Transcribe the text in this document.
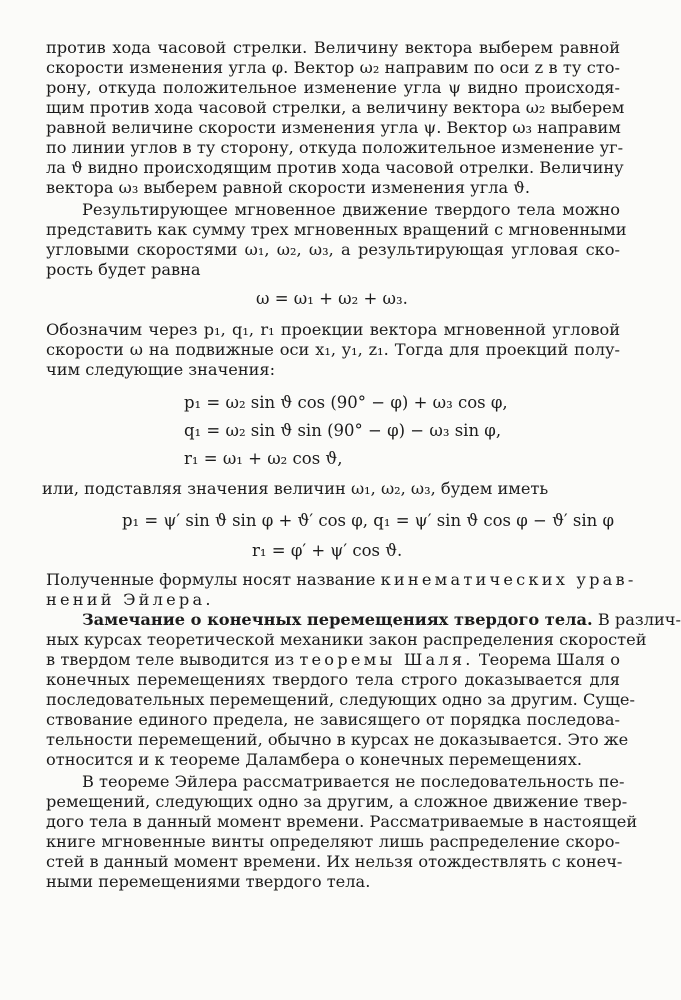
против хода часовой стрелки. Величину вектора выберем равной
скорости изменения угла φ. Вектор ω₂ направим по оси z в ту сто-
рону, откуда положительное изменение угла ψ видно происходя-
щим против хода часовой стрелки, а величину вектора ω₂ выберем
равной величине скорости изменения угла ψ. Вектор ω₃ направим
по линии углов в ту сторону, откуда положительное изменение уг-
ла ϑ видно происходящим против хода часовой отрелки. Величину
вектора ω₃ выберем равной скорости изменения угла ϑ.
Результирующее мгновенное движение твердого тела можно
представить как сумму трех мгновенных вращений с мгновенными
угловыми скоростями ω₁, ω₂, ω₃, а результирующая угловая ско-
рость будет равна
ω = ω₁ + ω₂ + ω₃.
Обозначим через p₁, q₁, r₁ проекции вектора мгновенной угловой
скорости ω на подвижные оси x₁, y₁, z₁. Тогда для проекций полу-
чим следующие значения:
p₁ = ω₂ sin ϑ cos (90° − φ) + ω₃ cos φ,
q₁ = ω₂ sin ϑ sin (90° − φ) − ω₃ sin φ,
r₁ = ω₁ + ω₂ cos ϑ,
или, подставляя значения величин ω₁, ω₂, ω₃, будем иметь
p₁ = ψ′ sin ϑ sin φ + ϑ′ cos φ, q₁ = ψ′ sin ϑ cos φ − ϑ′ sin φ
r₁ = φ′ + ψ′ cos ϑ.
Полученные формулы носят название кинематических урав-
нений Эйлера.
Замечание о конечных перемещениях твердого тела. В различ-
ных курсах теоретической механики закон распределения скоростей
в твердом теле выводится из теоремы Шаля. Теорема Шаля о
конечных перемещениях твердого тела строго доказывается для
последовательных перемещений, следующих одно за другим. Суще-
ствование единого предела, не зависящего от порядка последова-
тельности перемещений, обычно в курсах не доказывается. Это же
относится и к теореме Даламбера о конечных перемещениях.
В теореме Эйлера рассматривается не последовательность пе-
ремещений, следующих одно за другим, а сложное движение твер-
дого тела в данный момент времени. Рассматриваемые в настоящей
книге мгновенные винты определяют лишь распределение скоро-
стей в данный момент времени. Их нельзя отождествлять с конеч-
ными перемещениями твердого тела.
